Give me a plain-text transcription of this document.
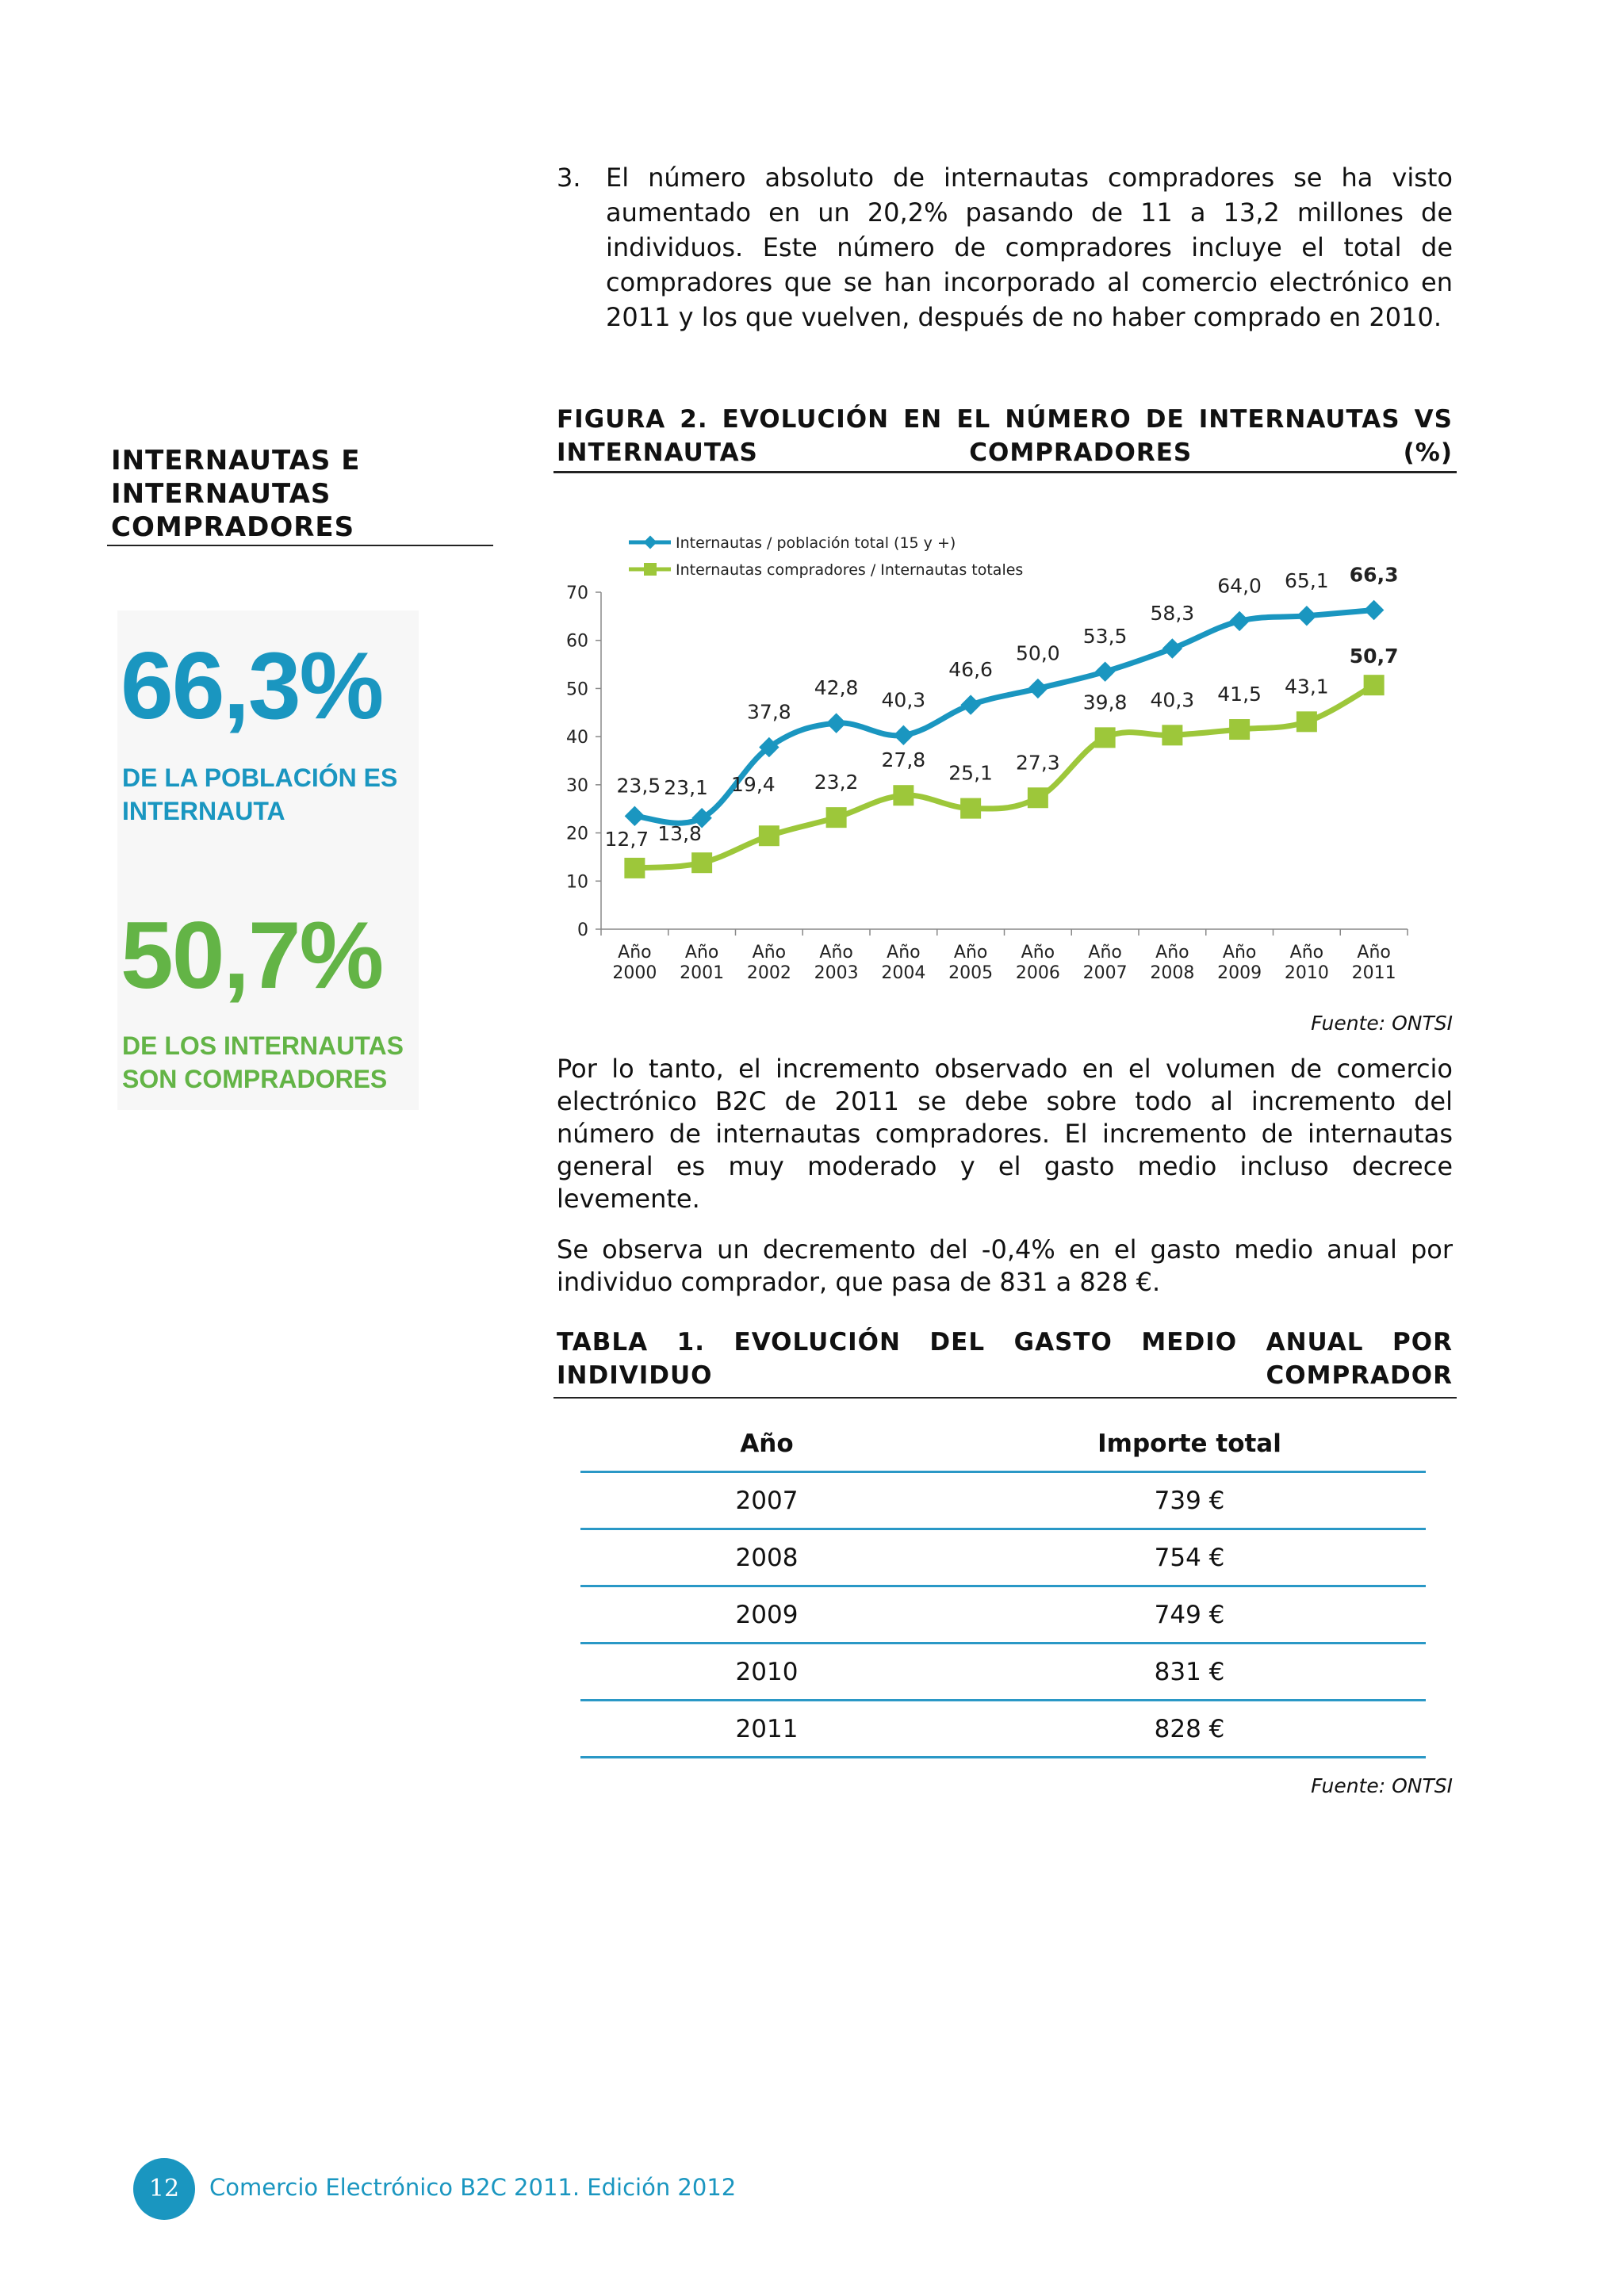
3. El número absoluto de internautas compradores se ha visto aumentado en un 20,2% pasando de 11 a 13,2 millones de individuos. Este número de compradores incluye el total de compradores que se han incorporado al comercio electrónico en 2011 y los que vuelven, después de no haber comprado en 2010.
FIGURA 2. EVOLUCIÓN EN EL NÚMERO DE INTERNAUTAS VS INTERNAUTAS COMPRADORES (%)
INTERNAUTAS E INTERNAUTAS COMPRADORES
66,3%
DE LA POBLACIÓN ES INTERNAUTA
50,7%
DE LOS INTERNAUTAS SON COMPRADORES
0
10
20
30
40
50
60
70
Año
2000
Año
2001
Año
2002
Año
2003
Año
2004
Año
2005
Año
2006
Año
2007
Año
2008
Año
2009
Año
2010
Año
2011
23,5 23,1
37,8
42,8
40,3
46,6
50,0
53,5
58,3
64,0 65,1 66,3
12,7 13,8
19,4 23,2
27,8
25,1 27,3
39,8 40,3 41,5 43,1
50,7
Internautas / población total (15 y +)
Internautas compradores / Internautas totales
Fuente: ONTSI
Por lo tanto, el incremento observado en el volumen de comercio electrónico B2C de 2011 se debe sobre todo al incremento del número de internautas compradores. El incremento de internautas general es muy moderado y el gasto medio incluso decrece levemente.
Se observa un decremento del -0,4% en el gasto medio anual por individuo comprador, que pasa de 831 a 828 €.
TABLA 1. EVOLUCIÓN DEL GASTO MEDIO ANUAL POR INDIVIDUO COMPRADOR
Año	Importe total
2007	739 €
2008	754 €
2009	749 €
2010	831 €
2011	828 €
Fuente: ONTSI
12	Comercio Electrónico B2C 2011. Edición 2012
